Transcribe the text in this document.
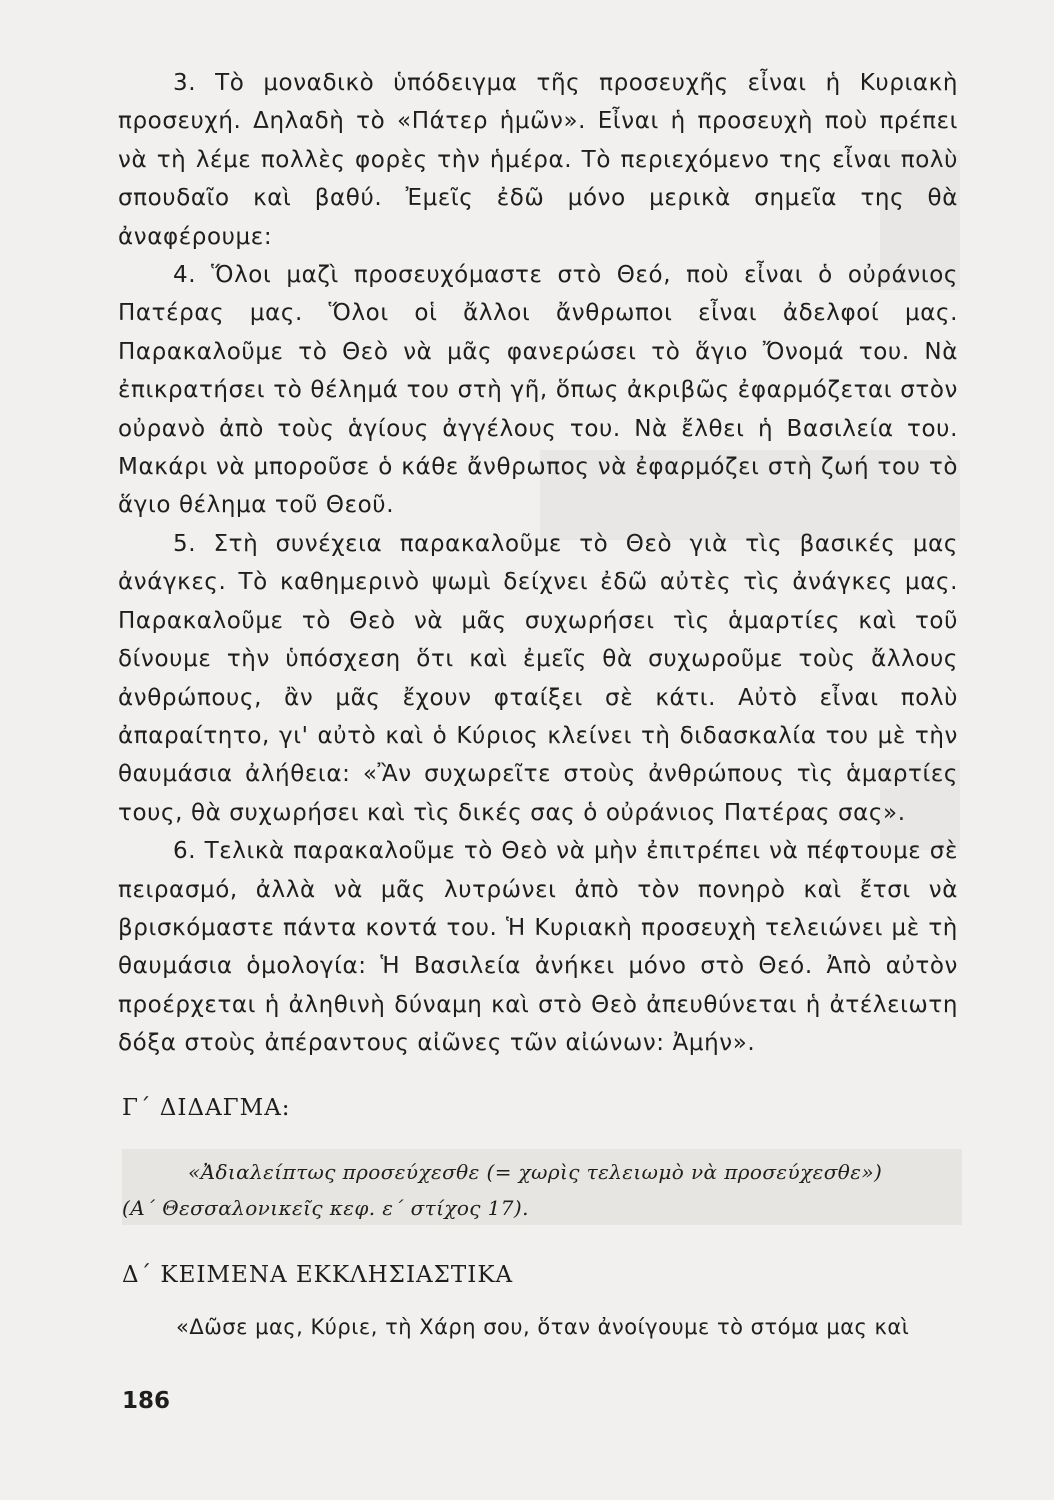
3. Τὸ μοναδικὸ ὑπόδειγμα τῆς προσευχῆς εἶναι ἡ Κυριακὴ προσευχή. Δηλαδὴ τὸ «Πάτερ ἡμῶν». Εἶναι ἡ προσευχὴ ποὺ πρέπει νὰ τὴ λέμε πολλὲς φορὲς τὴν ἡμέρα. Τὸ περιεχόμενο της εἶναι πολὺ σπουδαῖο καὶ βαθύ. Ἐμεῖς ἐδῶ μόνο μερικὰ σημεῖα της θὰ ἀναφέρουμε:

4. Ὅλοι μαζὶ προσευχόμαστε στὸ Θεό, ποὺ εἶναι ὁ οὐράνιος Πατέρας μας. Ὅλοι οἱ ἄλλοι ἄνθρωποι εἶναι ἀδελφοί μας. Παρακαλοῦμε τὸ Θεὸ νὰ μᾶς φανερώσει τὸ ἅγιο Ὄνομά του. Νὰ ἐπικρατήσει τὸ θέλημά του στὴ γῆ, ὅπως ἀκριβῶς ἐφαρμόζεται στὸν οὐρανὸ ἀπὸ τοὺς ἁγίους ἀγγέλους του. Νὰ ἔλθει ἡ Βασιλεία του. Μακάρι νὰ μποροῦσε ὁ κάθε ἄνθρωπος νὰ ἐφαρμόζει στὴ ζωή του τὸ ἅγιο θέλημα τοῦ Θεοῦ.

5. Στὴ συνέχεια παρακαλοῦμε τὸ Θεὸ γιὰ τὶς βασικές μας ἀνάγκες. Τὸ καθημερινὸ ψωμὶ δείχνει ἐδῶ αὐτὲς τὶς ἀνάγκες μας. Παρακαλοῦμε τὸ Θεὸ νὰ μᾶς συχωρήσει τὶς ἁμαρτίες καὶ τοῦ δίνουμε τὴν ὑπόσχεση ὅτι καὶ ἐμεῖς θὰ συχωροῦμε τοὺς ἄλλους ἀνθρώπους, ἂν μᾶς ἔχουν φταίξει σὲ κάτι. Αὐτὸ εἶναι πολὺ ἀπαραίτητο, γι' αὐτὸ καὶ ὁ Κύριος κλείνει τὴ διδασκαλία του μὲ τὴν θαυμάσια ἀλήθεια: «Ἂν συχωρεῖτε στοὺς ἀνθρώπους τὶς ἁμαρτίες τους, θὰ συχωρήσει καὶ τὶς δικές σας ὁ οὐράνιος Πατέρας σας».

6. Τελικὰ παρακαλοῦμε τὸ Θεὸ νὰ μὴν ἐπιτρέπει νὰ πέφτουμε σὲ πειρασμό, ἀλλὰ νὰ μᾶς λυτρώνει ἀπὸ τὸν πονηρὸ καὶ ἔτσι νὰ βρισκόμαστε πάντα κοντά του. Ἡ Κυριακὴ προσευχὴ τελειώνει μὲ τὴ θαυμάσια ὁμολογία: Ἡ Βασιλεία ἀνήκει μόνο στὸ Θεό. Ἀπὸ αὐτὸν προέρχεται ἡ ἀληθινὴ δύναμη καὶ στὸ Θεὸ ἀπευθύνεται ἡ ἀτέλειωτη δόξα στοὺς ἀπέραντους αἰῶνες τῶν αἰώνων: Ἀμήν».

Γ΄ ΔΙΔΑΓΜΑ:
«Ἀδιαλείπτως προσεύχεσθε (= χωρὶς τελειωμὸ νὰ προσεύχεσθε»)
(Α΄ Θεσσαλονικεῖς κεφ. ε΄ στίχος 17).
Δ΄ ΚΕΙΜΕΝΑ ΕΚΚΛΗΣΙΑΣΤΙΚΑ
«Δῶσε μας, Κύριε, τὴ Χάρη σου, ὅταν ἀνοίγουμε τὸ στόμα μας καὶ
186
